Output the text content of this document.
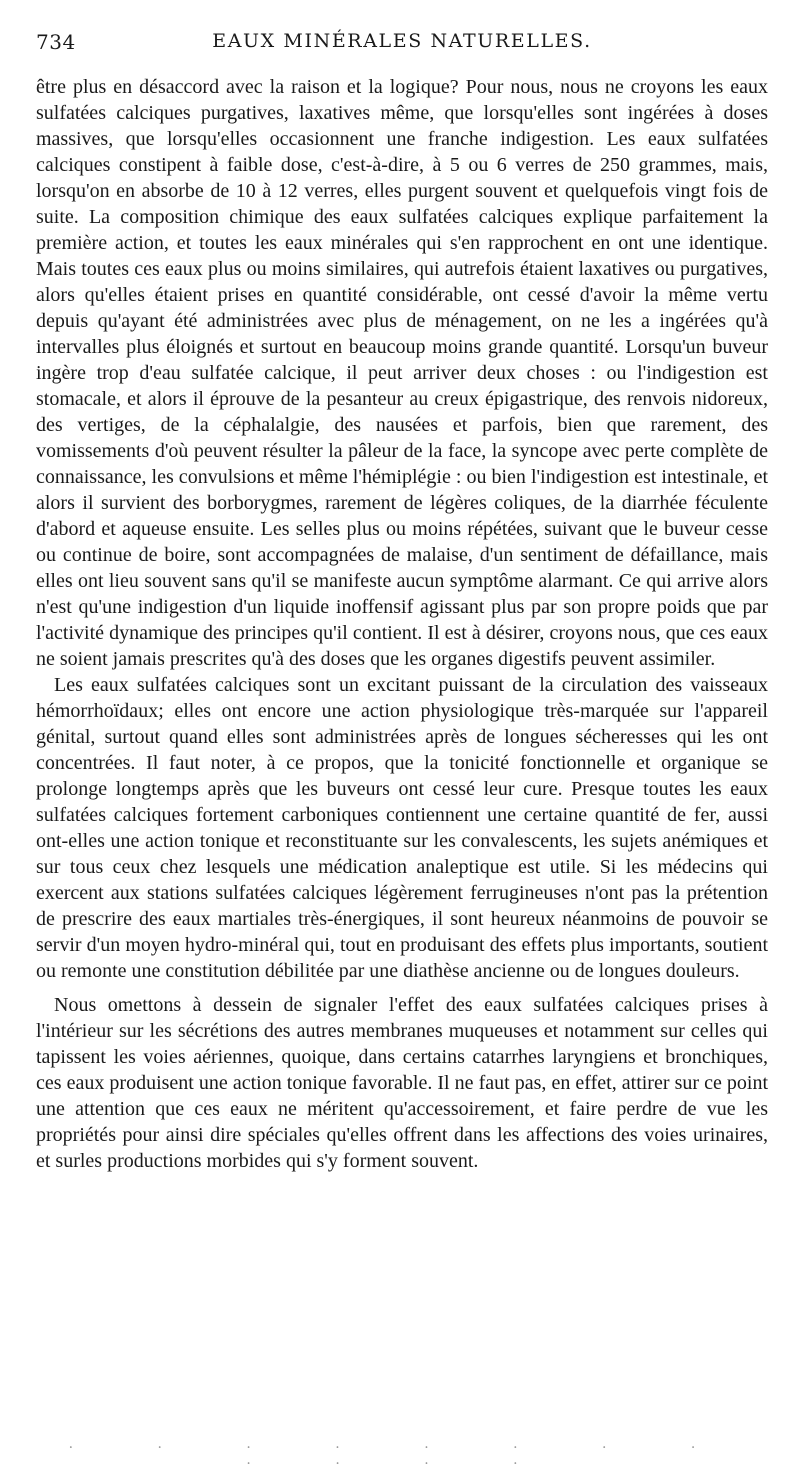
734	EAUX MINÉRALES NATURELLES.

être plus en désaccord avec la raison et la logique? Pour nous, nous ne croyons les eaux sulfatées calciques purgatives, laxatives même, que lorsqu'elles sont ingérées à doses massives, que lorsqu'elles occasionnent une franche indigestion. Les eaux sulfatées calciques constipent à faible dose, c'est-à-dire, à 5 ou 6 verres de 250 grammes, mais, lorsqu'on en absorbe de 10 à 12 verres, elles purgent souvent et quelquefois vingt fois de suite. La composition chimique des eaux sulfatées calciques explique parfaitement la première action, et toutes les eaux minérales qui s'en rapprochent en ont une identique. Mais toutes ces eaux plus ou moins similaires, qui autrefois étaient laxatives ou purgatives, alors qu'elles étaient prises en quantité considérable, ont cessé d'avoir la même vertu depuis qu'ayant été administrées avec plus de ménagement, on ne les a ingérées qu'à intervalles plus éloignés et surtout en beaucoup moins grande quantité. Lorsqu'un buveur ingère trop d'eau sulfatée calcique, il peut arriver deux choses : ou l'indigestion est stomacale, et alors il éprouve de la pesanteur au creux épigastrique, des renvois nidoreux, des vertiges, de la céphalalgie, des nausées et parfois, bien que rarement, des vomissements d'où peuvent résulter la pâleur de la face, la syncope avec perte complète de connaissance, les convulsions et même l'hémiplégie : ou bien l'indigestion est intestinale, et alors il survient des borborygmes, rarement de légères coliques, de la diarrhée féculente d'abord et aqueuse ensuite. Les selles plus ou moins répétées, suivant que le buveur cesse ou continue de boire, sont accompagnées de malaise, d'un sentiment de défaillance, mais elles ont lieu souvent sans qu'il se manifeste aucun symptôme alarmant. Ce qui arrive alors n'est qu'une indigestion d'un liquide inoffensif agissant plus par son propre poids que par l'activité dynamique des principes qu'il contient. Il est à désirer, croyons nous, que ces eaux ne soient jamais prescrites qu'à des doses que les organes digestifs peuvent assimiler.

Les eaux sulfatées calciques sont un excitant puissant de la circulation des vaisseaux hémorrhoïdaux; elles ont encore une action physiologique très-marquée sur l'appareil génital, surtout quand elles sont administrées après de longues sécheresses qui les ont concentrées. Il faut noter, à ce propos, que la tonicité fonctionnelle et organique se prolonge longtemps après que les buveurs ont cessé leur cure. Presque toutes les eaux sulfatées calciques fortement carboniques contiennent une certaine quantité de fer, aussi ont-elles une action tonique et reconstituante sur les convalescents, les sujets anémiques et sur tous ceux chez lesquels une médication analeptique est utile. Si les médecins qui exercent aux stations sulfatées calciques légèrement ferrugineuses n'ont pas la prétention de prescrire des eaux martiales très-énergiques, il sont heureux néanmoins de pouvoir se servir d'un moyen hydro-minéral qui, tout en produisant des effets plus importants, soutient ou remonte une constitution débilitée par une diathèse ancienne ou de longues douleurs.

Nous omettons à dessein de signaler l'effet des eaux sulfatées calciques prises à l'intérieur sur les sécrétions des autres membranes muqueuses et notamment sur celles qui tapissent les voies aériennes, quoique, dans certains catarrhes laryngiens et bronchiques, ces eaux produisent une action tonique favorable. Il ne faut pas, en effet, attirer sur ce point une attention que ces eaux ne méritent qu'accessoirement, et faire perdre de vue les propriétés pour ainsi dire spéciales qu'elles offrent dans les affections des voies urinaires, et surles productions morbides qui s'y forment souvent.

· · · · · · · · · · · ·
